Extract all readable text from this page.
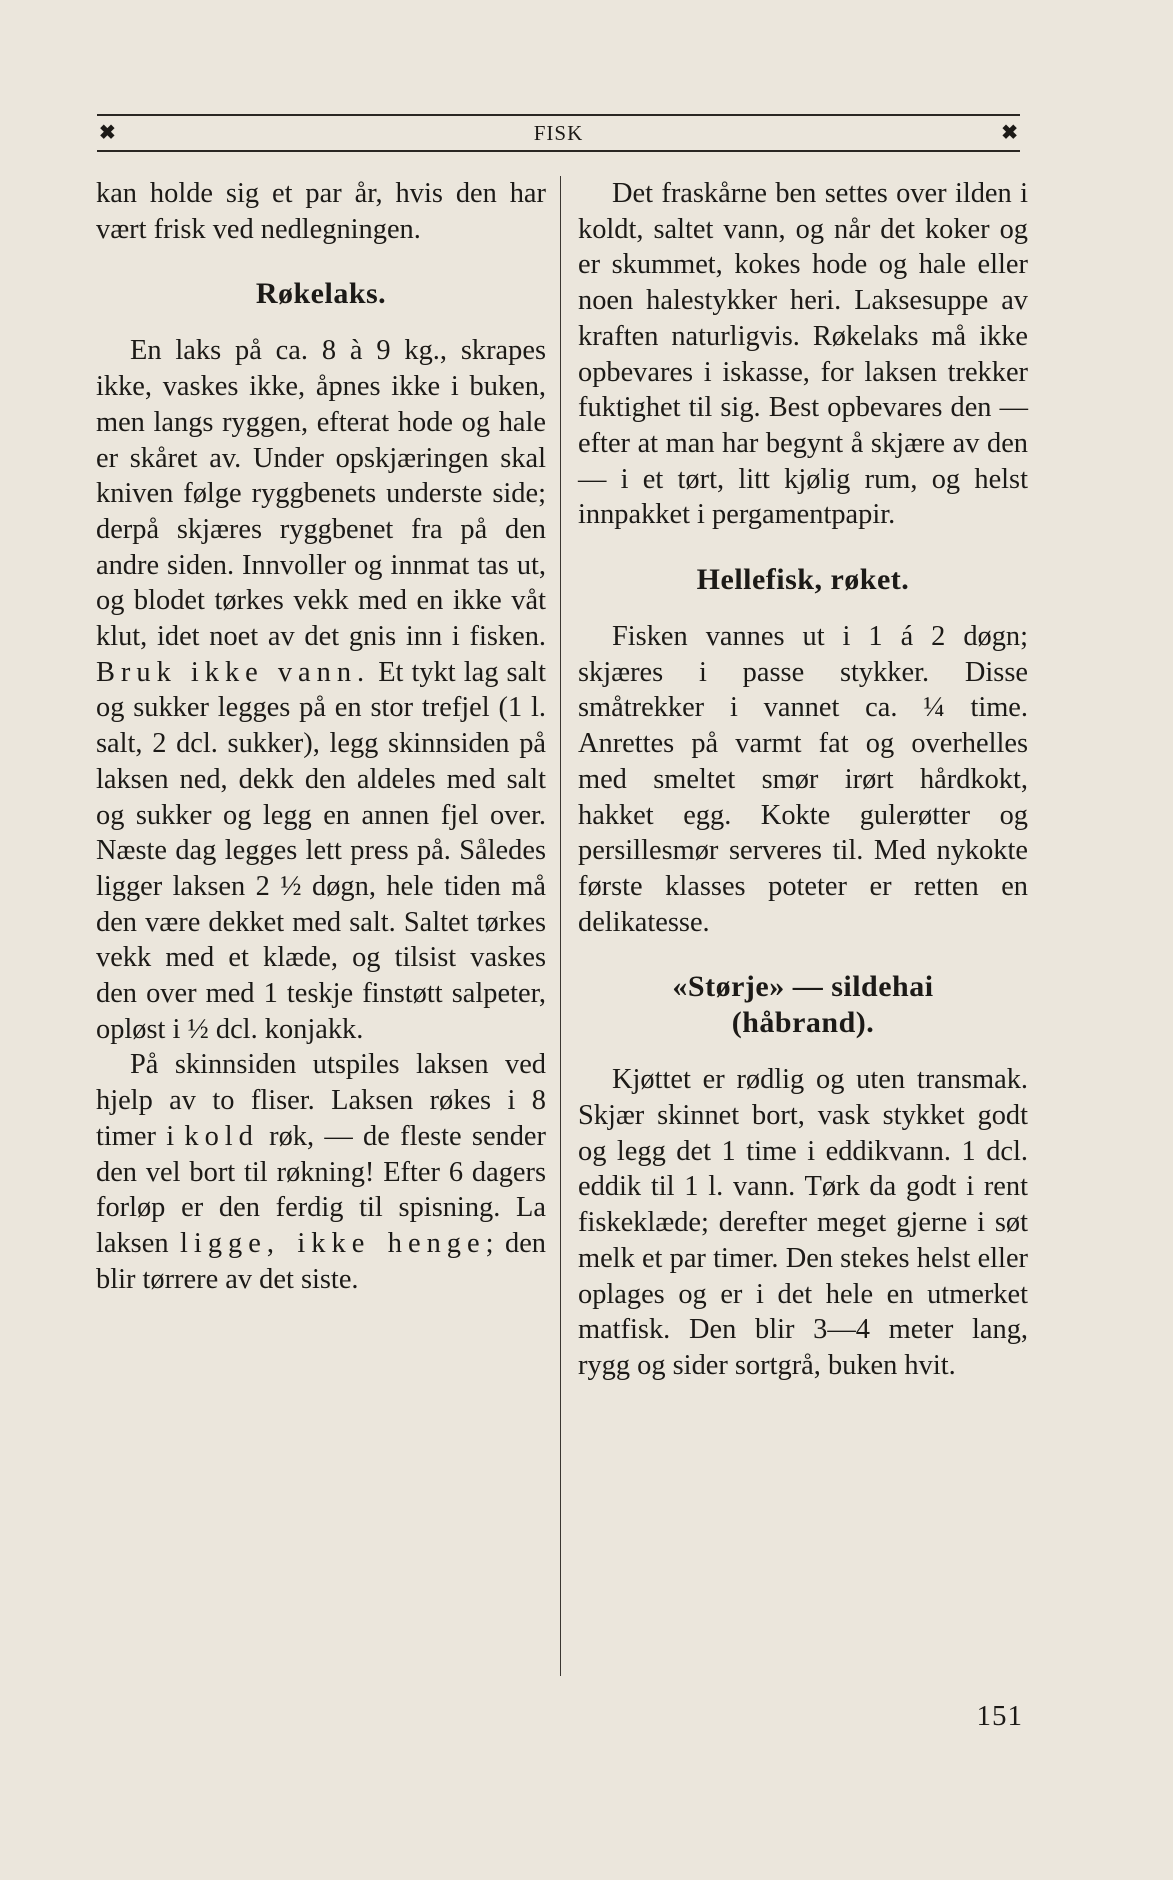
✖	FISK	✖

kan holde sig et par år, hvis den har vært frisk ved nedlegningen.

Røkelaks.

En laks på ca. 8 à 9 kg., skrapes ikke, vaskes ikke, åpnes ikke i buken, men langs ryggen, efterat hode og hale er skåret av. Under opskjæringen skal kniven følge ryggbenets underste side; derpå skjæres ryggbenet fra på den andre siden. Innvoller og innmat tas ut, og blodet tørkes vekk med en ikke våt klut, idet noet av det gnis inn i fisken. Bruk ikke vann. Et tykt lag salt og sukker legges på en stor trefjel (1 l. salt, 2 dcl. sukker), legg skinnsiden på laksen ned, dekk den aldeles med salt og sukker og legg en annen fjel over. Næste dag legges lett press på. Således ligger laksen 2 ½ døgn, hele tiden må den være dekket med salt. Saltet tørkes vekk med et klæde, og tilsist vaskes den over med 1 teskje finstøtt salpeter, opløst i ½ dcl. konjakk.

På skinnsiden utspiles laksen ved hjelp av to fliser. Laksen røkes i 8 timer i kold røk, — de fleste sender den vel bort til røkning! Efter 6 dagers forløp er den ferdig til spisning. La laksen ligge, ikke henge; den blir tørrere av det siste.

Det fraskårne ben settes over ilden i koldt, saltet vann, og når det koker og er skummet, kokes hode og hale eller noen halestykker heri. Laksesuppe av kraften naturligvis. Røkelaks må ikke opbevares i iskasse, for laksen trekker fuktighet til sig. Best opbevares den — efter at man har begynt å skjære av den — i et tørt, litt kjølig rum, og helst innpakket i pergamentpapir.

Hellefisk, røket.

Fisken vannes ut i 1 á 2 døgn; skjæres i passe stykker. Disse småtrekker i vannet ca. ¼ time. Anrettes på varmt fat og overhelles med smeltet smør irørt hårdkokt, hakket egg. Kokte gulerøtter og persillesmør serveres til. Med nykokte første klasses poteter er retten en delikatesse.

«Størje» — sildehai
(håbrand).

Kjøttet er rødlig og uten transmak. Skjær skinnet bort, vask stykket godt og legg det 1 time i eddikvann. 1 dcl. eddik til 1 l. vann. Tørk da godt i rent fiskeklæde; derefter meget gjerne i søt melk et par timer. Den stekes helst eller oplages og er i det hele en utmerket matfisk. Den blir 3—4 meter lang, rygg og sider sortgrå, buken hvit.

151
